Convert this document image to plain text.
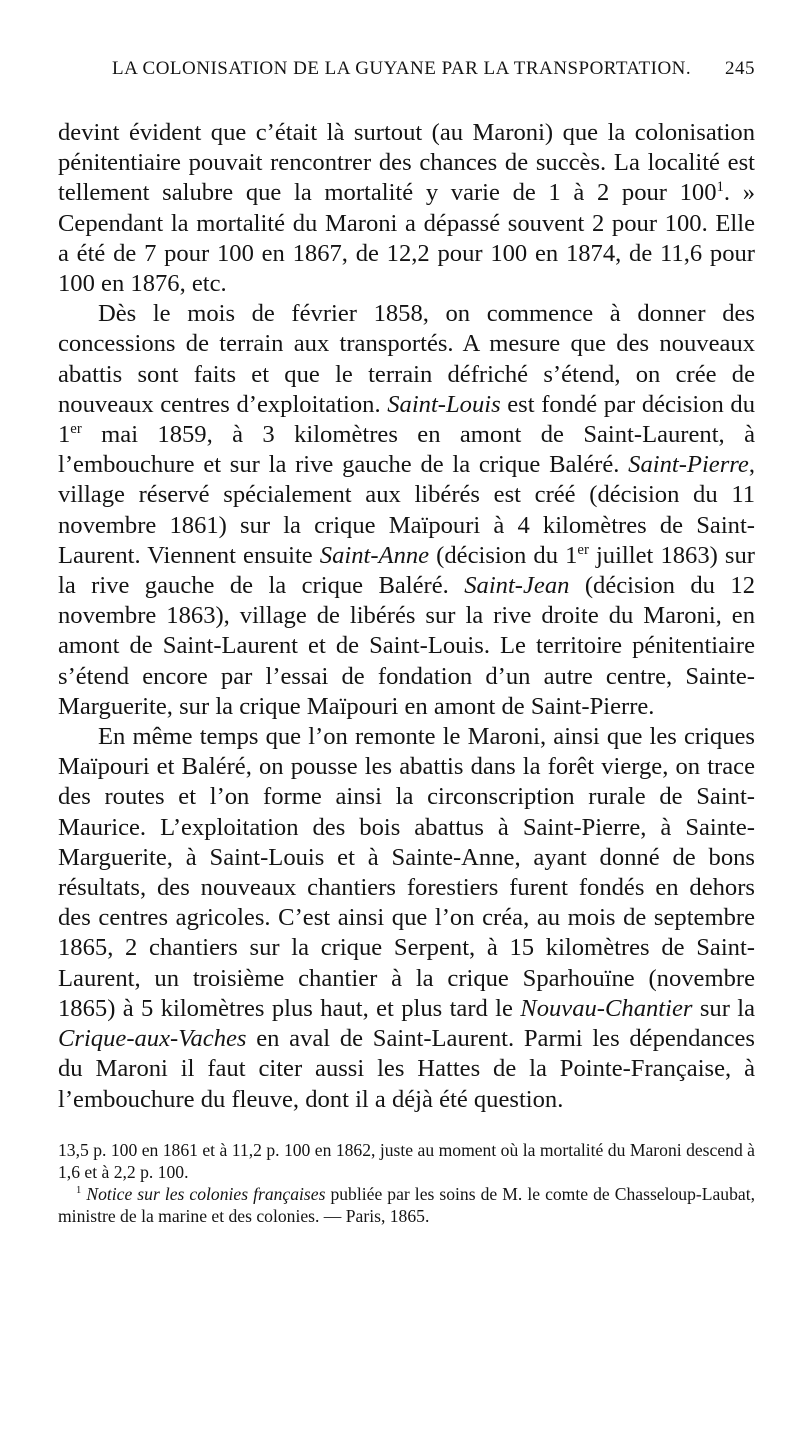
LA COLONISATION DE LA GUYANE PAR LA TRANSPORTATION. 245

devint évident que c’était là surtout (au Maroni) que la colonisation pénitentiaire pouvait rencontrer des chances de succès. La localité est tellement salubre que la mortalité y varie de 1 à 2 pour $100^1$. » Cependant la mortalité du Maroni a dépassé souvent 2 pour 100. Elle a été de 7 pour 100 en 1867, de 12,2 pour 100 en 1874, de 11,6 pour 100 en 1876, etc.

Dès le mois de février 1858, on commence à donner des concessions de terrain aux transportés. A mesure que des nouveaux abattis sont faits et que le terrain défriché s’étend, on crée de nouveaux centres d’exploitation. Saint-Louis est fondé par décision du 1er mai 1859, à 3 kilomètres en amont de Saint-Laurent, à l’embouchure et sur la rive gauche de la crique Baléré. Saint-Pierre, village réservé spécialement aux libérés est créé (décision du 11 novembre 1861) sur la crique Maïpouri à 4 kilomètres de Saint-Laurent. Viennent ensuite Saint-Anne (décision du 1er juillet 1863) sur la rive gauche de la crique Baléré. Saint-Jean (décision du 12 novembre 1863), village de libérés sur la rive droite du Maroni, en amont de Saint-Laurent et de Saint-Louis. Le territoire pénitentiaire s’étend encore par l’essai de fondation d’un autre centre, Sainte-Marguerite, sur la crique Maïpouri en amont de Saint-Pierre.

En même temps que l’on remonte le Maroni, ainsi que les criques Maïpouri et Baléré, on pousse les abattis dans la forêt vierge, on trace des routes et l’on forme ainsi la circonscription rurale de Saint-Maurice. L’exploitation des bois abattus à Saint-Pierre, à Sainte-Marguerite, à Saint-Louis et à Sainte-Anne, ayant donné de bons résultats, des nouveaux chantiers forestiers furent fondés en dehors des centres agricoles. C’est ainsi que l’on créa, au mois de septembre 1865, 2 chantiers sur la crique Serpent, à 15 kilomètres de Saint-Laurent, un troisième chantier à la crique Sparhouïne (novembre 1865) à 5 kilomètres plus haut, et plus tard le Nouvau-Chantier sur la Crique-aux-Vaches en aval de Saint-Laurent. Parmi les dépendances du Maroni il faut citer aussi les Hattes de la Pointe-Française, à l’embouchure du fleuve, dont il a déjà été question.

13,5 p. 100 en 1861 et à 11,2 p. 100 en 1862, juste au moment où la mortalité du Maroni descend à 1,6 et à 2,2 p. 100.

$^1$ Notice sur les colonies françaises publiée par les soins de M. le comte de Chasseloup-Laubat, ministre de la marine et des colonies. — Paris, 1865.
